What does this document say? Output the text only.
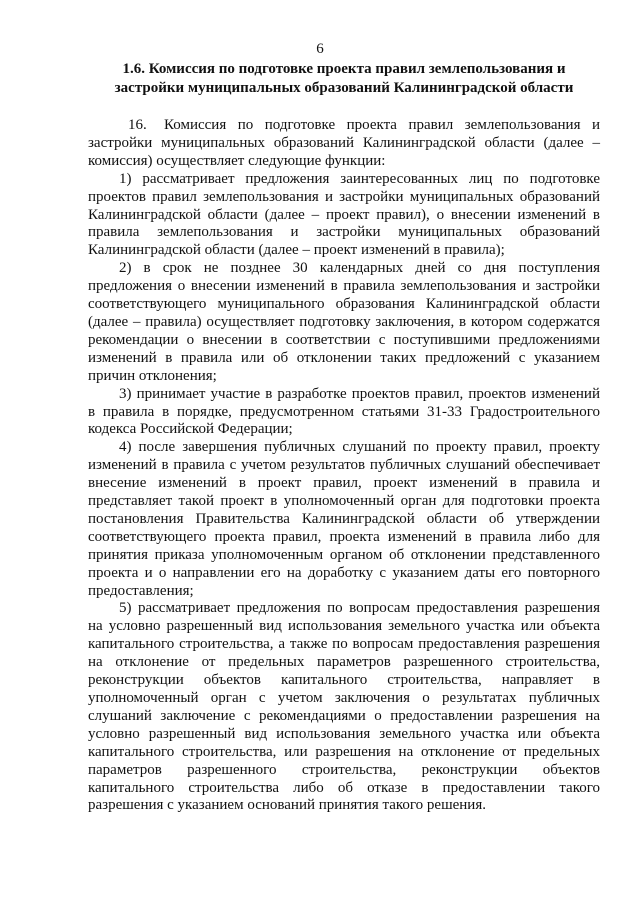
6
1.6. Комиссия по подготовке проекта правил землепользования и застройки муниципальных образований Калининградской области

16. Комиссия по подготовке проекта правил землепользования и застройки муниципальных образований Калининградской области (далее – комиссия) осуществляет следующие функции:

1) рассматривает предложения заинтересованных лиц по подготовке проектов правил землепользования и застройки муниципальных образований Калининградской области (далее – проект правил), о внесении изменений в правила землепользования и застройки муниципальных образований Калининградской области (далее – проект изменений в правила);

2) в срок не позднее 30 календарных дней со дня поступления предложения о внесении изменений в правила землепользования и застройки соответствующего муниципального образования Калининградской области (далее – правила) осуществляет подготовку заключения, в котором содержатся рекомендации о внесении в соответствии с поступившими предложениями изменений в правила или об отклонении таких предложений с указанием причин отклонения;

3) принимает участие в разработке проектов правил, проектов изменений в правила в порядке, предусмотренном статьями 31-33 Градостроительного кодекса Российской Федерации;

4) после завершения публичных слушаний по проекту правил, проекту изменений в правила с учетом результатов публичных слушаний обеспечивает внесение изменений в проект правил, проект изменений в правила и представляет такой проект в уполномоченный орган для подготовки проекта постановления Правительства Калининградской области об утверждении соответствующего проекта правил, проекта изменений в правила либо для принятия приказа уполномоченным органом об отклонении представленного проекта и о направлении его на доработку с указанием даты его повторного предоставления;

5) рассматривает предложения по вопросам предоставления разрешения на условно разрешенный вид использования земельного участка или объекта капитального строительства, а также по вопросам предоставления разрешения на отклонение от предельных параметров разрешенного строительства, реконструкции объектов капитального строительства, направляет в уполномоченный орган с учетом заключения о результатах публичных слушаний заключение с рекомендациями о предоставлении разрешения на условно разрешенный вид использования земельного участка или объекта капитального строительства, или разрешения на отклонение от предельных параметров разрешенного строительства, реконструкции объектов капитального строительства либо об отказе в предоставлении такого разрешения с указанием оснований принятия такого решения.
